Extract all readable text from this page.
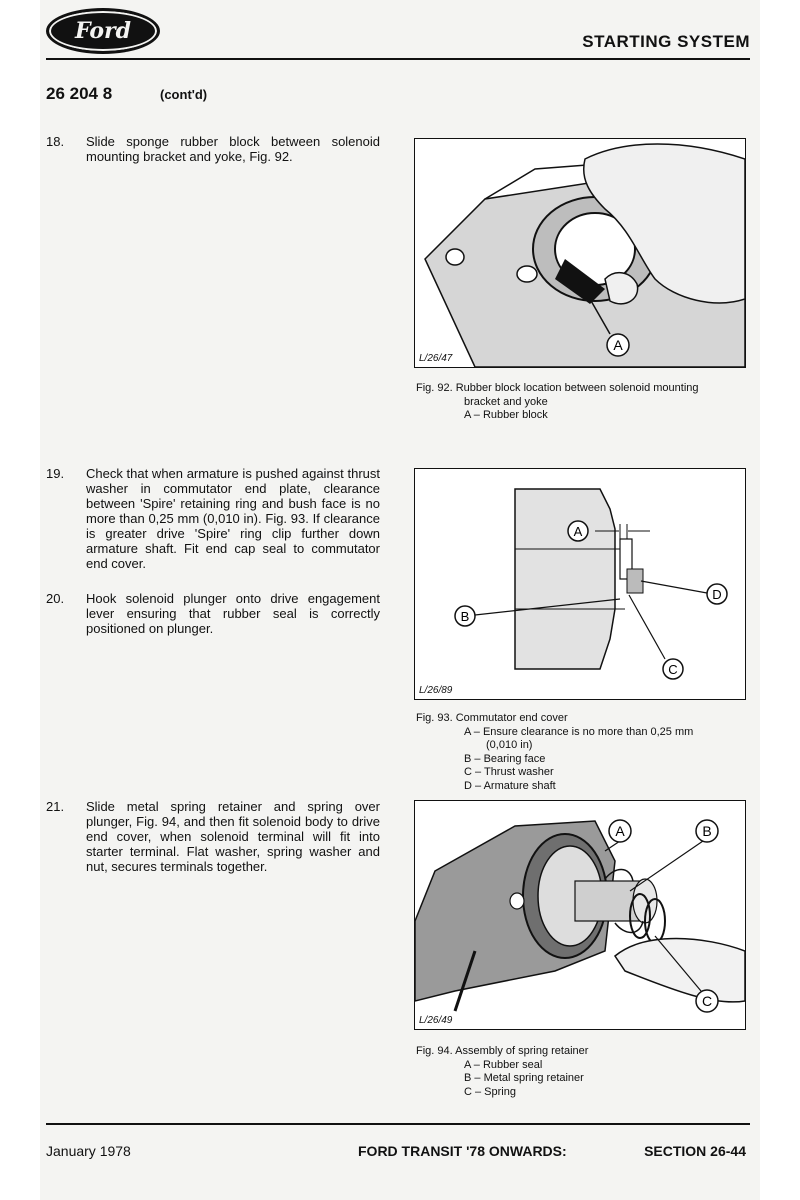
Ford	STARTING SYSTEM
26 204 8	(cont'd)
18.	Slide sponge rubber block between solenoid mounting bracket and yoke, Fig. 92.
19.	Check that when armature is pushed against thrust washer in commutator end plate, clearance between 'Spire' retaining ring and bush face is no more than 0,25 mm (0,010 in). Fig. 93. If clearance is greater drive 'Spire' ring clip further down armature shaft. Fit end cap seal to commutator end cover.
20.	Hook solenoid plunger onto drive engagement lever ensuring that rubber seal is correctly positioned on plunger.
21.	Slide metal spring retainer and spring over plunger, Fig. 94, and then fit solenoid body to drive end cover, when solenoid terminal will fit into starter terminal. Flat washer, spring washer and nut, secures terminals together.
A
L/26/47
Fig. 92. Rubber block location between solenoid mounting
bracket and yoke
A – Rubber block
A
D
B
C
L/26/89
Fig. 93. Commutator end cover
A – Ensure clearance is no more than 0,25 mm
(0,010 in)
B – Bearing face
C – Thrust washer
D – Armature shaft
A	B
C
L/26/49
Fig. 94. Assembly of spring retainer
A – Rubber seal
B – Metal spring retainer
C – Spring
January 1978	FORD TRANSIT '78 ONWARDS:	SECTION 26-44
